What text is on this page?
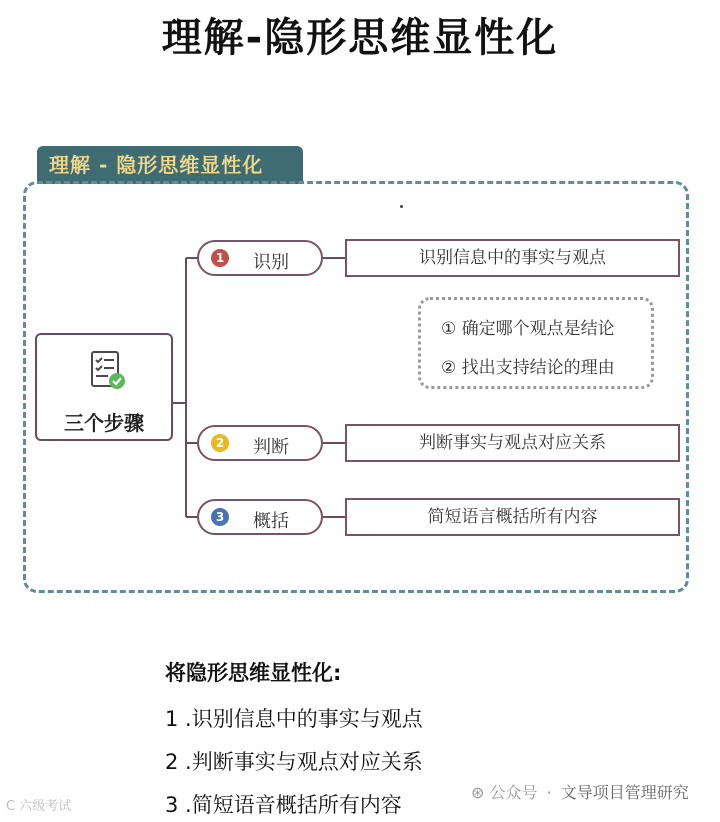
理解-隐形思维显性化
理解 - 隐形思维显性化
三个步骤
1 识别	识别信息中的事实与观点
① 确定哪个观点是结论
② 找出支持结论的理由
2 判断	判断事实与观点对应关系
3 概括	简短语言概括所有内容
将隐形思维显性化:
1 .识别信息中的事实与观点
2 .判断事实与观点对应关系
3 .简短语音概括所有内容
C 六级考试
⊛ 公众号 · 文导项目管理研究
